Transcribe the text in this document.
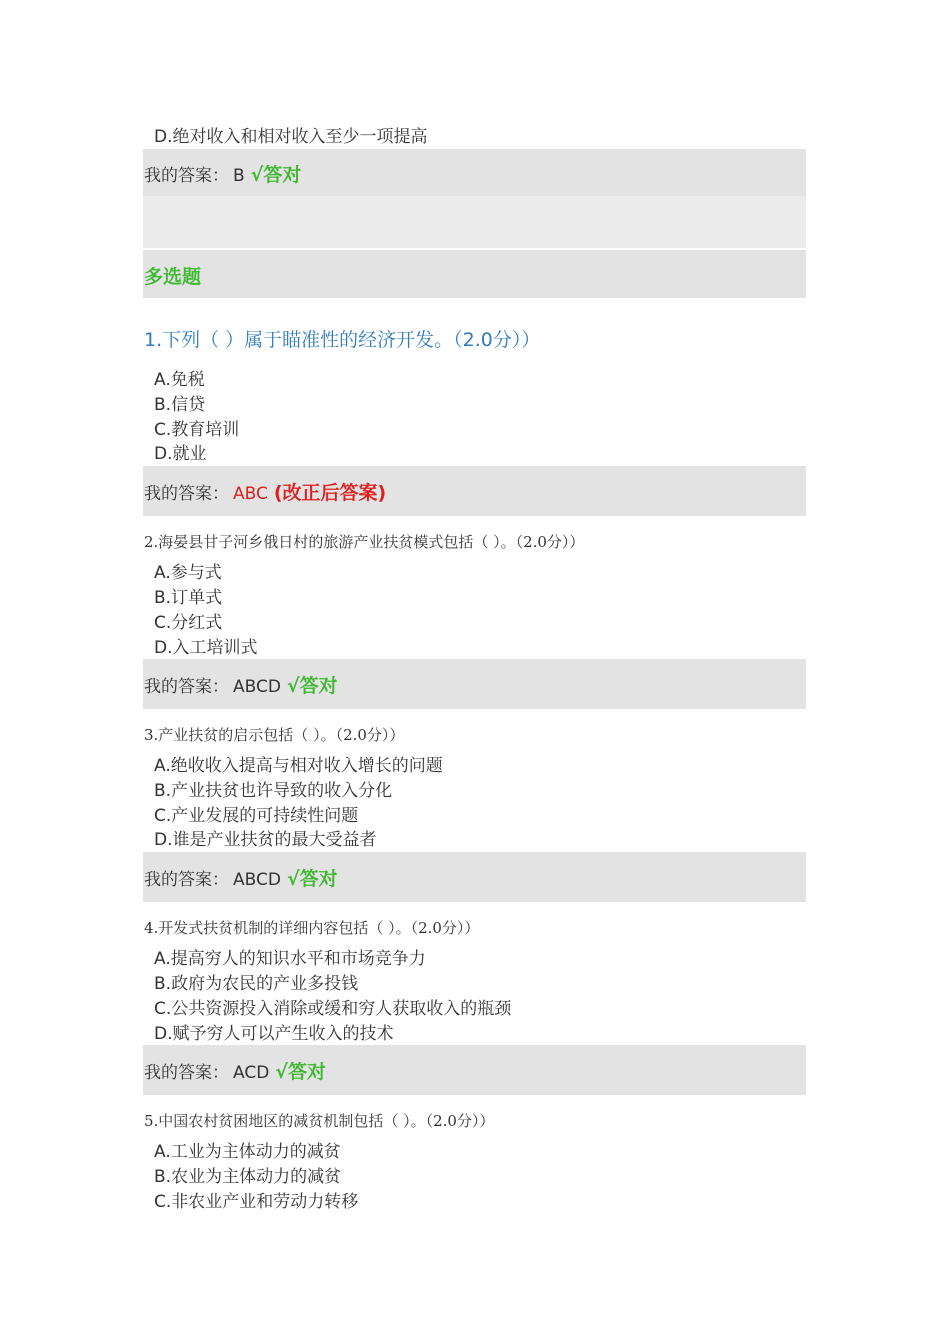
D.绝对收入和相对收入至少一项提高
我的答案： B √答对
多选题
1.下列（ ）属于瞄准性的经济开发。（2.0分））
A.免税
B.信贷
C.教育培训
D.就业
我的答案： ABC (改正后答案)
2.海晏县甘子河乡俄日村的旅游产业扶贫模式包括（ ）。（2.0分））
A.参与式
B.订单式
C.分红式
D.入工培训式
我的答案： ABCD √答对
3.产业扶贫的启示包括（ ）。（2.0分））
A.绝收收入提高与相对收入增长的问题
B.产业扶贫也许导致的收入分化
C.产业发展的可持续性问题
D.谁是产业扶贫的最大受益者
我的答案： ABCD √答对
4.开发式扶贫机制的详细内容包括（ ）。（2.0分））
A.提高穷人的知识水平和市场竞争力
B.政府为农民的产业多投钱
C.公共资源投入消除或缓和穷人获取收入的瓶颈
D.赋予穷人可以产生收入的技术
我的答案： ACD √答对
5.中国农村贫困地区的减贫机制包括（ ）。（2.0分））
A.工业为主体动力的减贫
B.农业为主体动力的减贫
C.非农业产业和劳动力转移
